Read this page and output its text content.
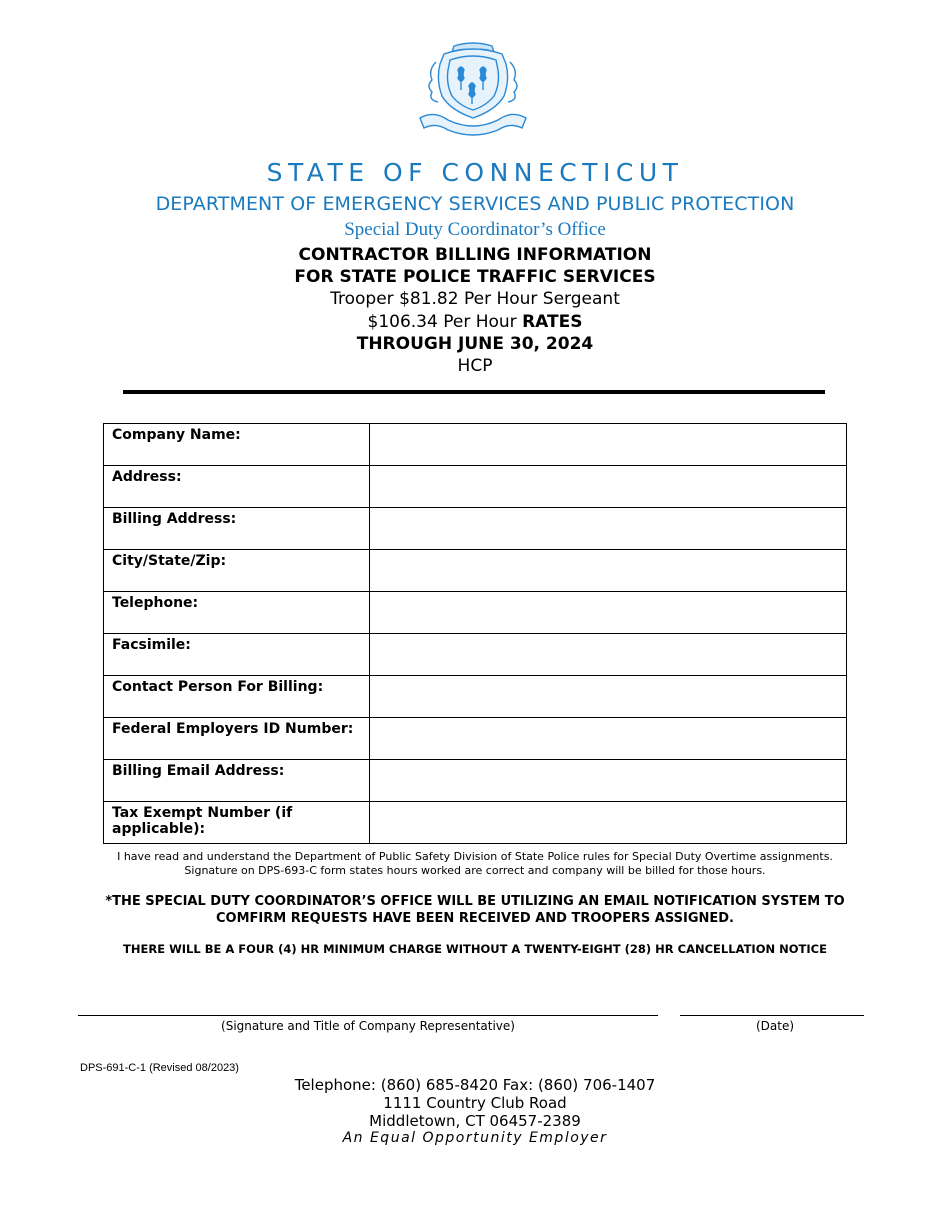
STATE OF CONNECTICUT
DEPARTMENT OF EMERGENCY SERVICES AND PUBLIC PROTECTION
Special Duty Coordinator’s Office
CONTRACTOR BILLING INFORMATION
FOR STATE POLICE TRAFFIC SERVICES
Trooper $81.82 Per Hour Sergeant
$106.34 Per Hour RATES
THROUGH JUNE 30, 2024
HCP
Company Name:	
Address:	
Billing Address:	
City/State/Zip:	
Telephone:	
Facsimile:	
Contact Person For Billing:	
Federal Employers ID Number:	
Billing Email Address:	
Tax Exempt Number (if applicable):	
I have read and understand the Department of Public Safety Division of State Police rules for Special Duty Overtime assignments.
Signature on DPS-693-C form states hours worked are correct and company will be billed for those hours.
*THE SPECIAL DUTY COORDINATOR’S OFFICE WILL BE UTILIZING AN EMAIL NOTIFICATION SYSTEM TO
COMFIRM REQUESTS HAVE BEEN RECEIVED AND TROOPERS ASSIGNED.
THERE WILL BE A FOUR (4) HR MINIMUM CHARGE WITHOUT A TWENTY-EIGHT (28) HR CANCELLATION NOTICE
(Signature and Title of Company Representative)	(Date)
DPS-691-C-1 (Revised 08/2023)
Telephone: (860) 685-8420 Fax: (860) 706-1407
1111 Country Club Road
Middletown, CT 06457-2389
An Equal Opportunity Employer
